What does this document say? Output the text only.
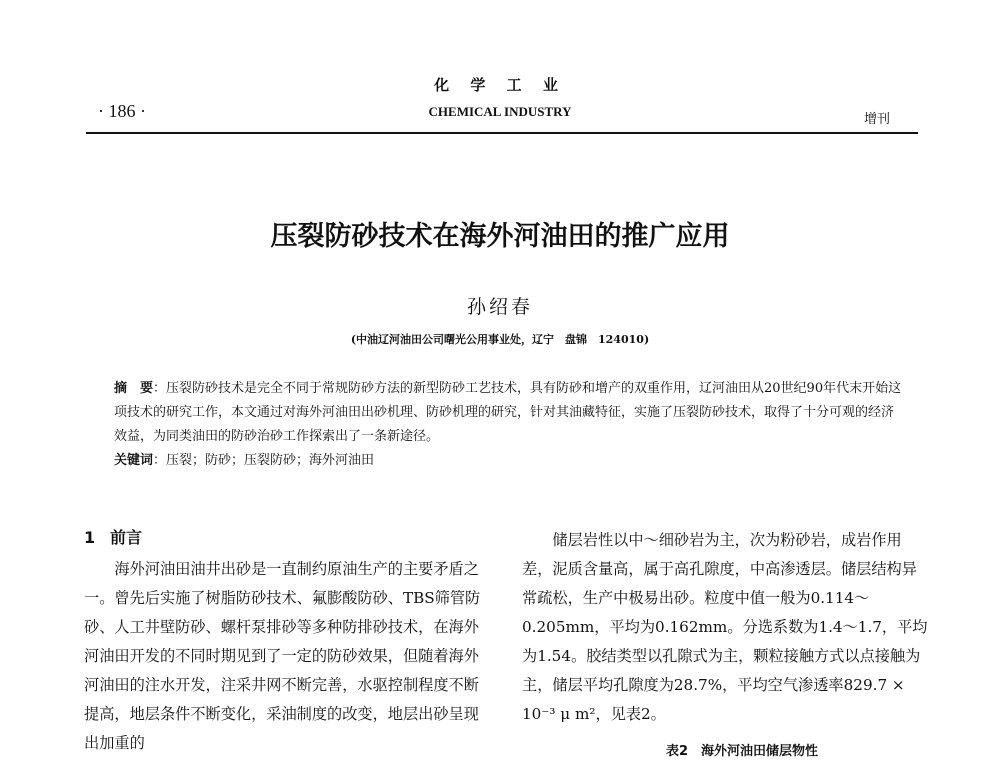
化 学 工 业
· 186 ·	CHEMICAL INDUSTRY
增刊
压裂防砂技术在海外河油田的推广应用
孙绍春
(中油辽河油田公司曙光公用事业处，辽宁　盘锦　124010)

摘　要：压裂防砂技术是完全不同于常规防砂方法的新型防砂工艺技术，具有防砂和增产的双重作用，辽河油田从20世纪90年代末开始这项技术的研究工作，本文通过对海外河油田出砂机理、防砂机理的研究，针对其油藏特征，实施了压裂防砂技术，取得了十分可观的经济效益，为同类油田的防砂治砂工作探索出了一条新途径。

关键词：压裂；防砂；压裂防砂；海外河油田

1 前言

海外河油田油井出砂是一直制约原油生产的主要矛盾之一。曾先后实施了树脂防砂技术、氟膨酸防砂、TBS筛管防砂、人工井壁防砂、螺杆泵排砂等多种防排砂技术，在海外河油田开发的不同时期见到了一定的防砂效果，但随着海外河油田的注水开发，注采井网不断完善，水驱控制程度不断提高，地层条件不断变化，采油制度的改变，地层出砂呈现出加重的

储层岩性以中～细砂岩为主，次为粉砂岩，成岩作用差，泥质含量高，属于高孔隙度，中高渗透层。储层结构异常疏松，生产中极易出砂。粒度中值一般为0.114～0.205mm，平均为0.162mm。分选系数为1.4～1.7，平均为1.54。胶结类型以孔隙式为主，颗粒接触方式以点接触为主，储层平均孔隙度为28.7%，平均空气渗透率829.7 × 10⁻³ μ m²，见表2。

表2　海外河油田储层物性
